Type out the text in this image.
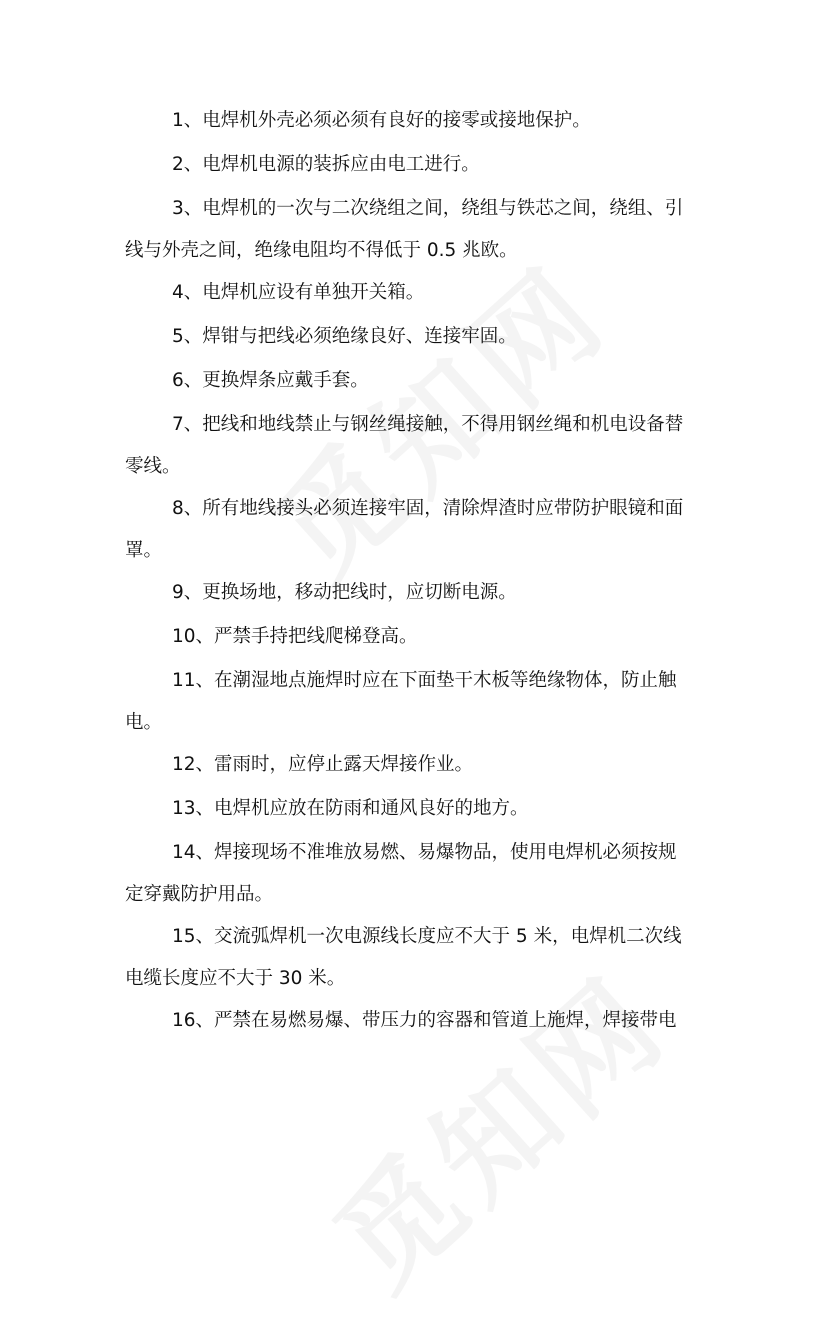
1、电焊机外壳必须必须有良好的接零或接地保护。
2、电焊机电源的装拆应由电工进行。
3、电焊机的一次与二次绕组之间，绕组与铁芯之间，绕组、引
线与外壳之间，绝缘电阻均不得低于 0.5 兆欧。
4、电焊机应设有单独开关箱。
5、焊钳与把线必须绝缘良好、连接牢固。
6、更换焊条应戴手套。
7、把线和地线禁止与钢丝绳接触，不得用钢丝绳和机电设备替
零线。
8、所有地线接头必须连接牢固，清除焊渣时应带防护眼镜和面
罩。
9、更换场地，移动把线时，应切断电源。
10、严禁手持把线爬梯登高。
11、在潮湿地点施焊时应在下面垫干木板等绝缘物体，防止触
电。
12、雷雨时，应停止露天焊接作业。
13、电焊机应放在防雨和通风良好的地方。
14、焊接现场不准堆放易燃、易爆物品，使用电焊机必须按规
定穿戴防护用品。
15、交流弧焊机一次电源线长度应不大于 5 米，电焊机二次线
电缆长度应不大于 30 米。
16、严禁在易燃易爆、带压力的容器和管道上施焊，焊接带电
